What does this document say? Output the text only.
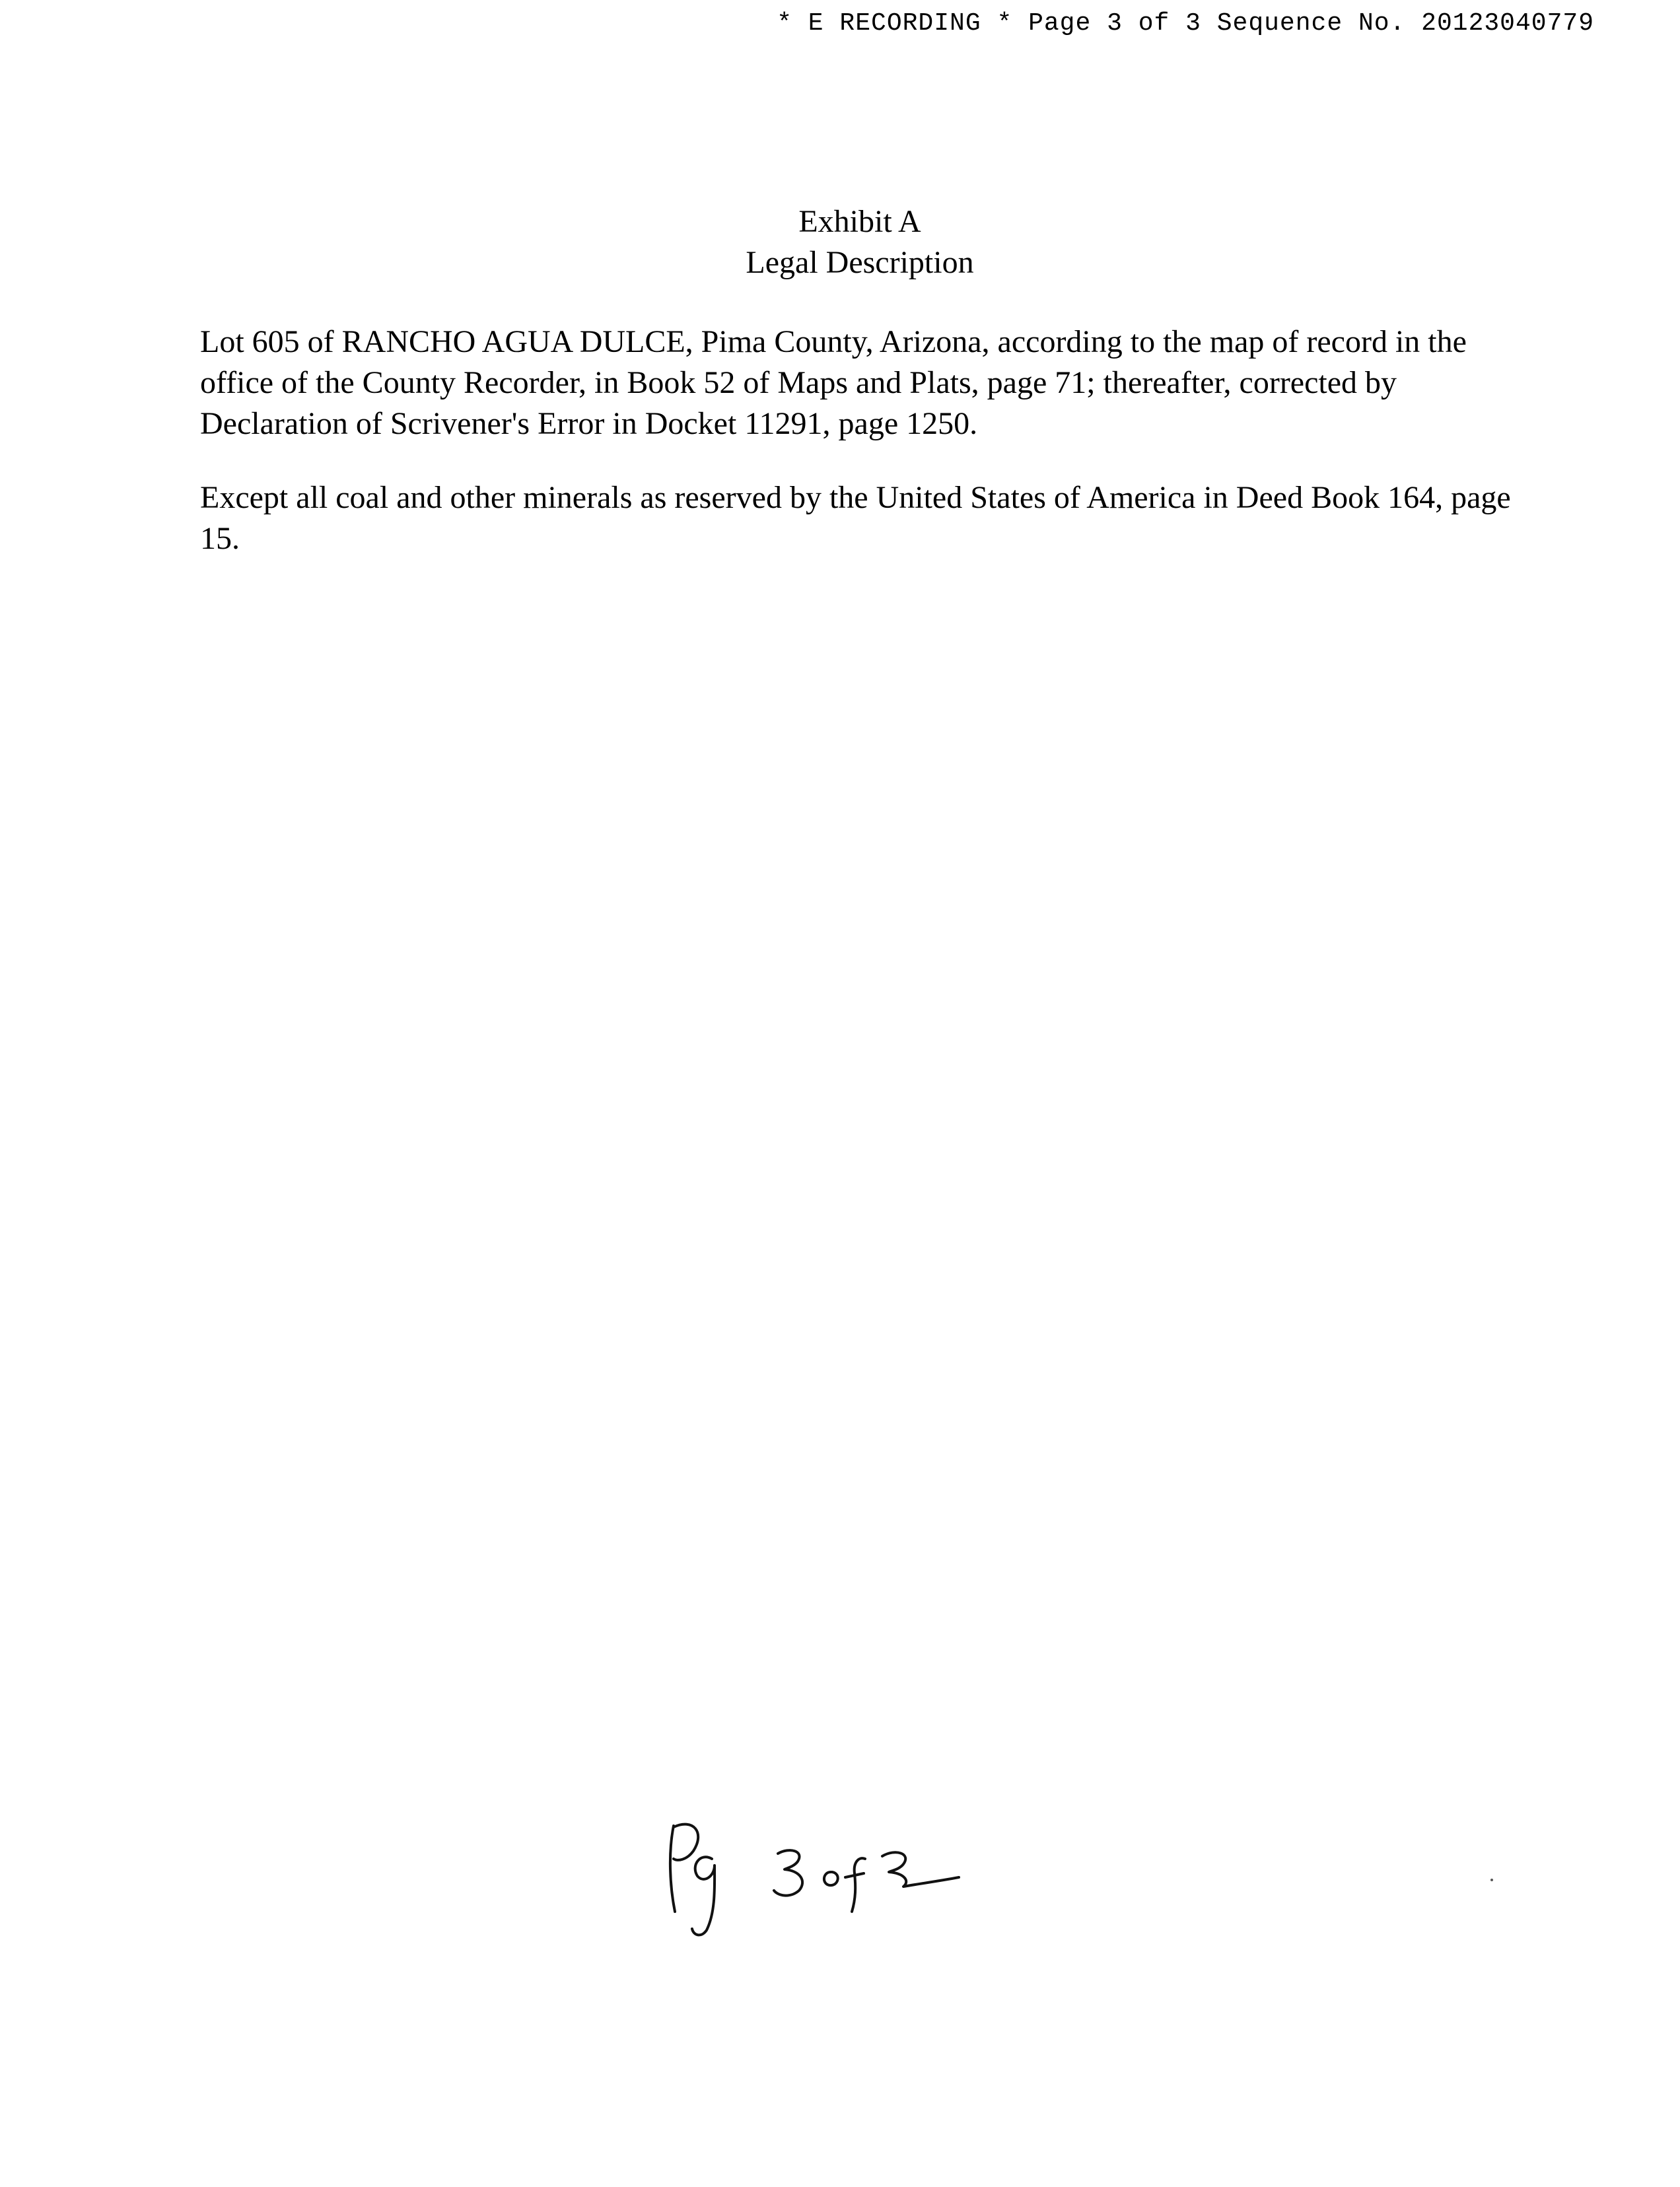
* E RECORDING * Page 3 of 3 Sequence No. 20123040779
Exhibit A
Legal Description
Lot 605 of RANCHO AGUA DULCE, Pima County, Arizona, according to the map of record in the office of the County Recorder, in Book 52 of Maps and Plats, page 71; thereafter, corrected by Declaration of Scrivener's Error in Docket 11291, page 1250.
Except all coal and other minerals as reserved by the United States of America in Deed Book 164, page 15.
